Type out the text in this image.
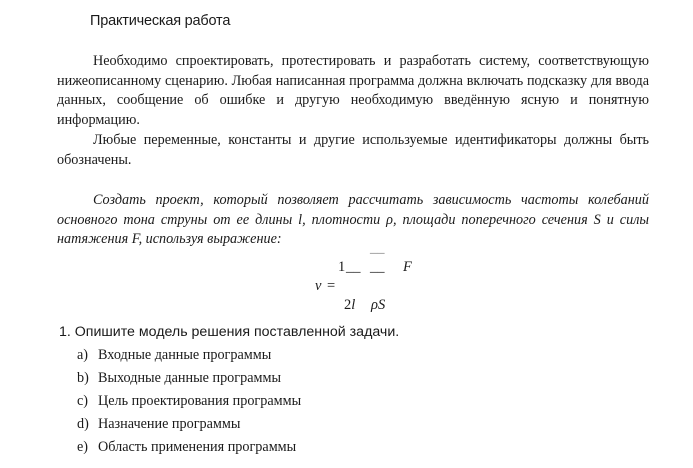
Практическая работа
Необходимо спроектировать, протестировать и разработать систему, соответствующую нижеописанному сценарию. Любая написанная программа должна включать подсказку для ввода данных, сообщение об ошибке и другую необходимую введённую ясную и понятную информацию.
Любые переменные, константы и другие используемые идентификаторы должны быть обозначены.
Создать проект, который позволяет рассчитать зависимость частоты колебаний основного тона струны от ее длины l, плотности ρ, площади поперечного сечения S и силы натяжения F, используя выражение:
ν =
1 __
2l
__
__
ρS
F
1. Опишите модель решения поставленной задачи.
a) Входные данные программы
b) Выходные данные программы
c) Цель проектирования программы
d) Назначение программы
e) Область применения программы
